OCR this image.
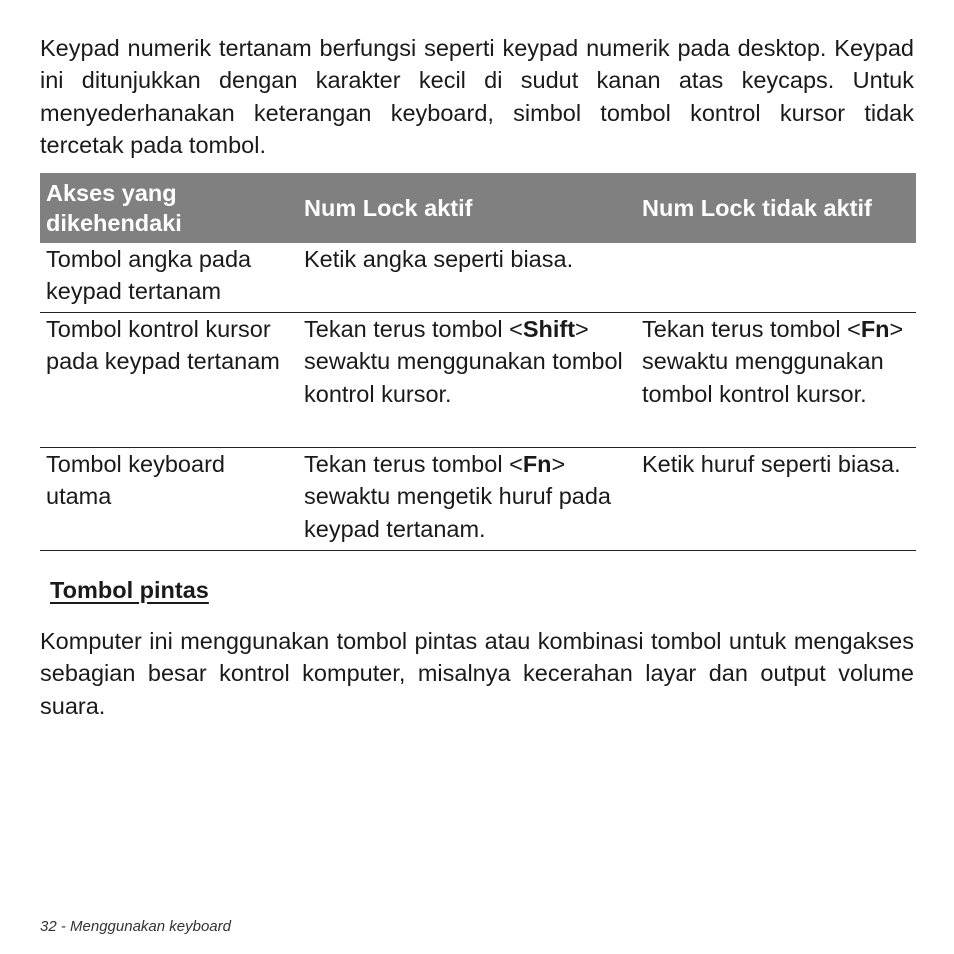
Keypad numerik tertanam berfungsi seperti keypad numerik pada desktop. Keypad ini ditunjukkan dengan karakter kecil di sudut kanan atas keycaps. Untuk menyederhanakan keterangan keyboard, simbol tombol kontrol kursor tidak tercetak pada tombol.

Akses yang dikehendaki	Num Lock aktif	Num Lock tidak aktif
Tombol angka pada keypad tertanam	Ketik angka seperti biasa.	
Tombol kontrol kursor pada keypad tertanam	Tekan terus tombol <Shift> sewaktu menggunakan tombol kontrol kursor.	Tekan terus tombol <Fn> sewaktu menggunakan tombol kontrol kursor.
Tombol keyboard utama	Tekan terus tombol <Fn> sewaktu mengetik huruf pada keypad tertanam.	Ketik huruf seperti biasa.
Tombol pintas

Komputer ini menggunakan tombol pintas atau kombinasi tombol untuk mengakses sebagian besar kontrol komputer, misalnya kecerahan layar dan output volume suara.

32 - Menggunakan keyboard
